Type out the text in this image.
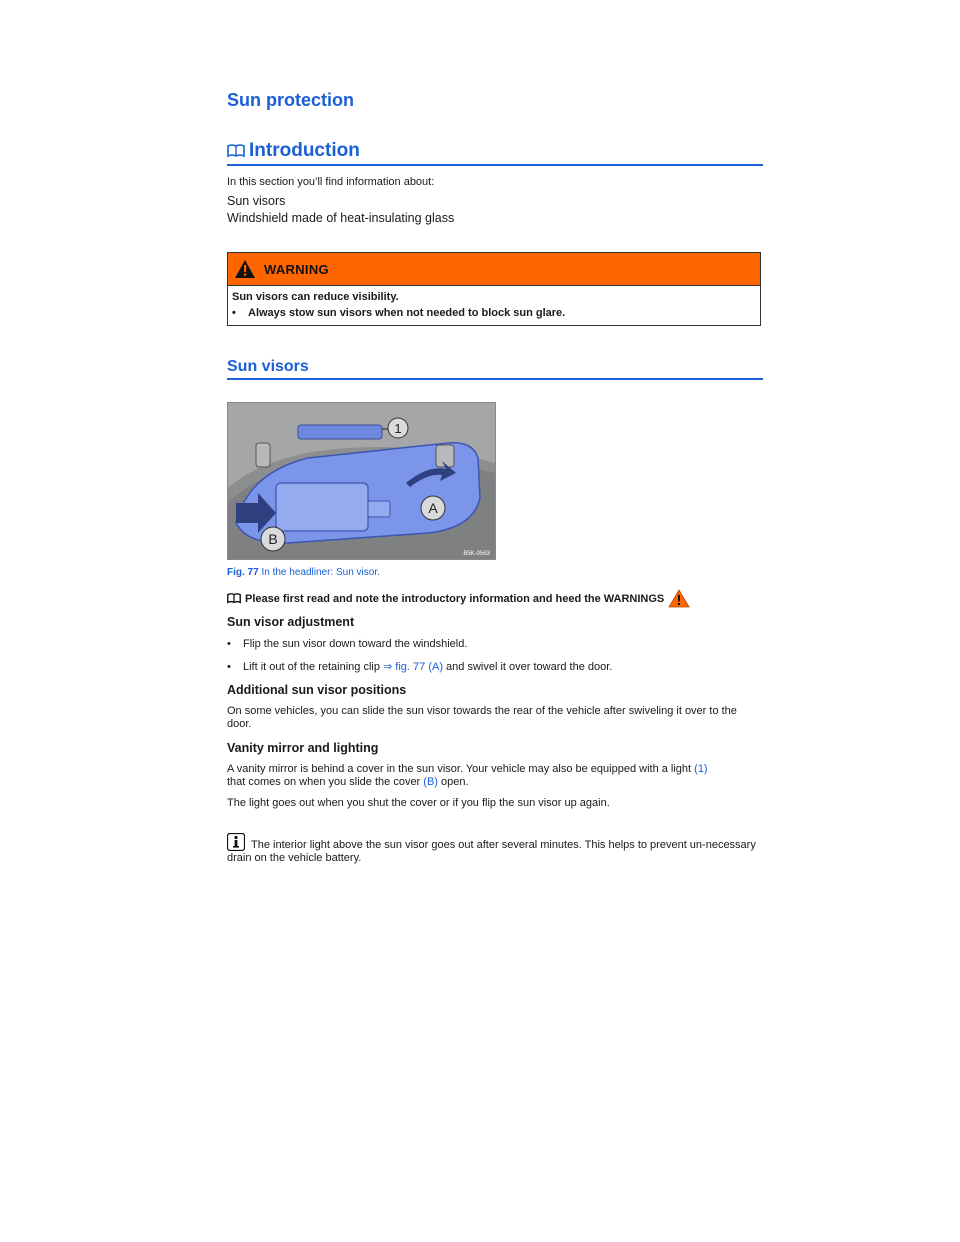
Sun protection
Introduction
In this section you’ll find information about:
Sun visors
Windshield made of heat-insulating glass
WARNING
Sun visors can reduce visibility.
•	Always stow sun visors when not needed to block sun glare.
Sun visors
1
A
B
B5K-0563
Fig. 77 In the headliner: Sun visor.
Please first read and note the introductory information and heed the WARNINGS
Sun visor adjustment
•	Flip the sun visor down toward the windshield.
•	Lift it out of the retaining clip ⇒ fig. 77 (A) and swivel it over toward the door.
Additional sun visor positions
On some vehicles, you can slide the sun visor towards the rear of the vehicle after swiveling it over to the door.
Vanity mirror and lighting
A vanity mirror is behind a cover in the sun visor. Your vehicle may also be equipped with a light (1)
that comes on when you slide the cover (B) open.
The light goes out when you shut the cover or if you flip the sun visor up again.
The interior light above the sun visor goes out after several minutes. This helps to prevent un-necessary drain on the vehicle battery.
